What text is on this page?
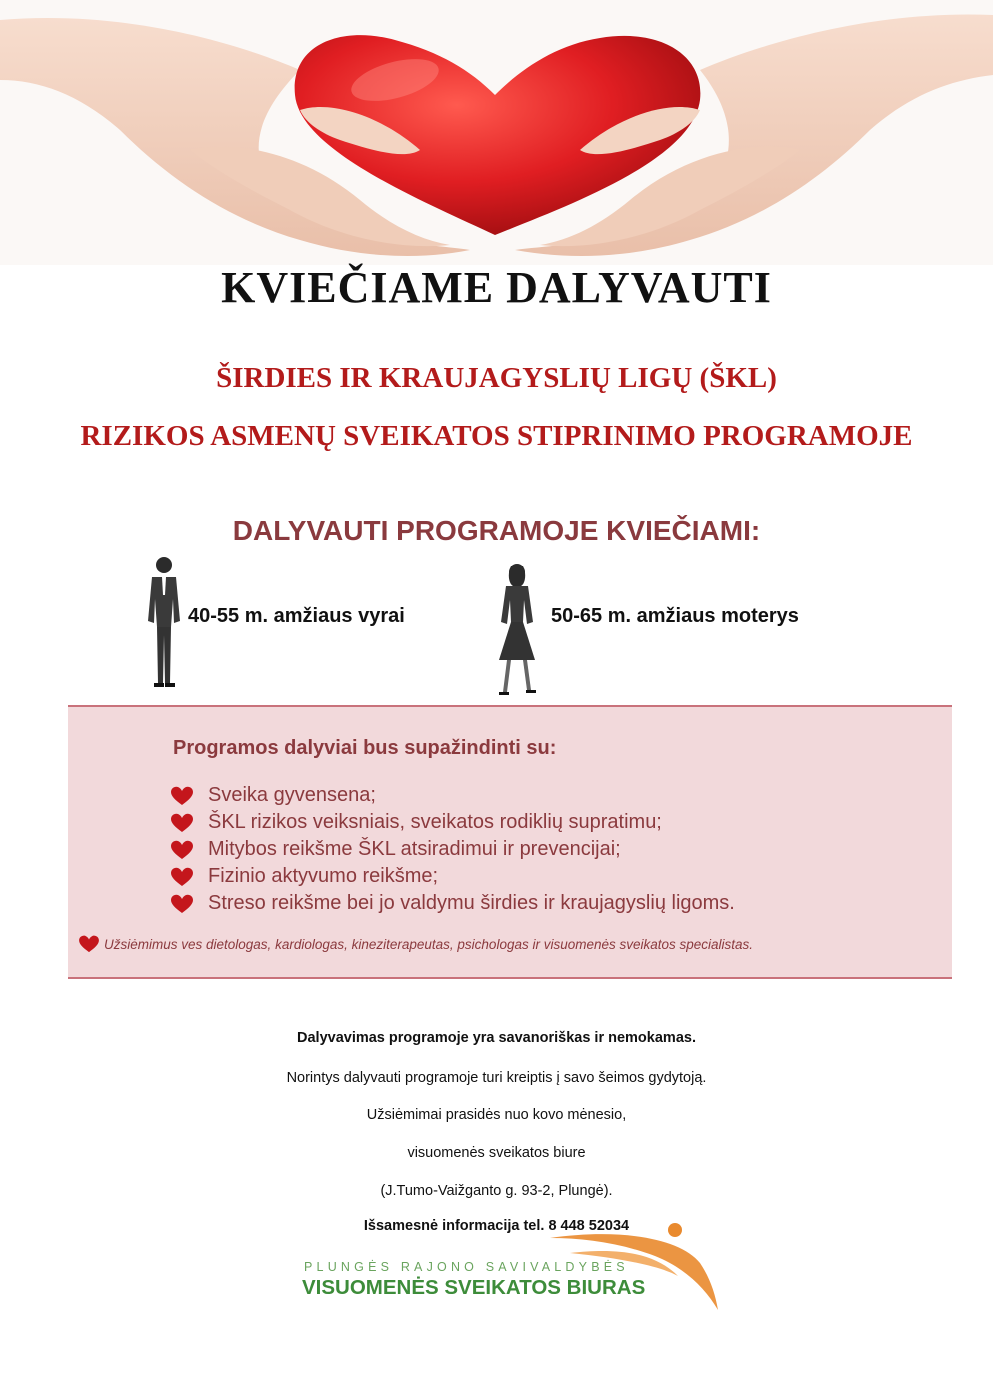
KVIEČIAME DALYVAUTI
ŠIRDIES IR KRAUJAGYSLIŲ LIGŲ (ŠKL)
RIZIKOS ASMENŲ SVEIKATOS STIPRINIMO PROGRAMOJE
DALYVAUTI PROGRAMOJE KVIEČIAMI:
40-55 m. amžiaus vyrai	50-65 m. amžiaus moterys
Programos dalyviai bus supažindinti su:
Sveika gyvensena;
ŠKL rizikos veiksniais, sveikatos rodiklių supratimu;
Mitybos reikšme ŠKL atsiradimui ir prevencijai;
Fizinio aktyvumo reikšme;
Streso reikšme bei jo valdymu širdies ir kraujagyslių ligoms.
Užsiėmimus ves dietologas, kardiologas, kineziterapeutas, psichologas ir visuomenės sveikatos specialistas.
Dalyvavimas programoje yra savanoriškas ir nemokamas.
Norintys dalyvauti programoje turi kreiptis į savo šeimos gydytoją.
Užsiėmimai prasidės nuo kovo mėnesio,
visuomenės sveikatos biure
(J.Tumo-Vaižganto g. 93-2, Plungė).
Išsamesnė informacija tel. 8 448 52034
PLUNGĖS RAJONO SAVIVALDYBĖS
VISUOMENĖS SVEIKATOS BIURAS
